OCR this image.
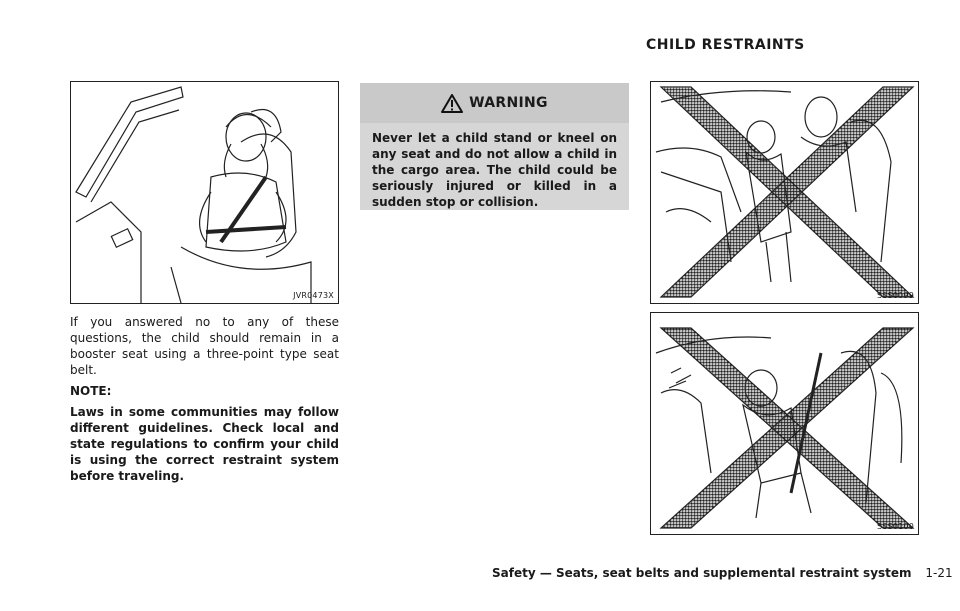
CHILD RESTRAINTS
JVR0473X

If you answered no to any of these questions, the child should remain in a booster seat using a three-point type seat belt.

NOTE:

Laws in some communities may follow different guidelines. Check local and state regulations to confirm your child is using the correct restraint system before traveling.

WARNING
Never let a child stand or kneel on any seat and do not allow a child in the cargo area. The child could be seriously injured or killed in a sudden stop or collision.
SSS0099
SSS0100
Safety — Seats, seat belts and supplemental restraint system 1-21
